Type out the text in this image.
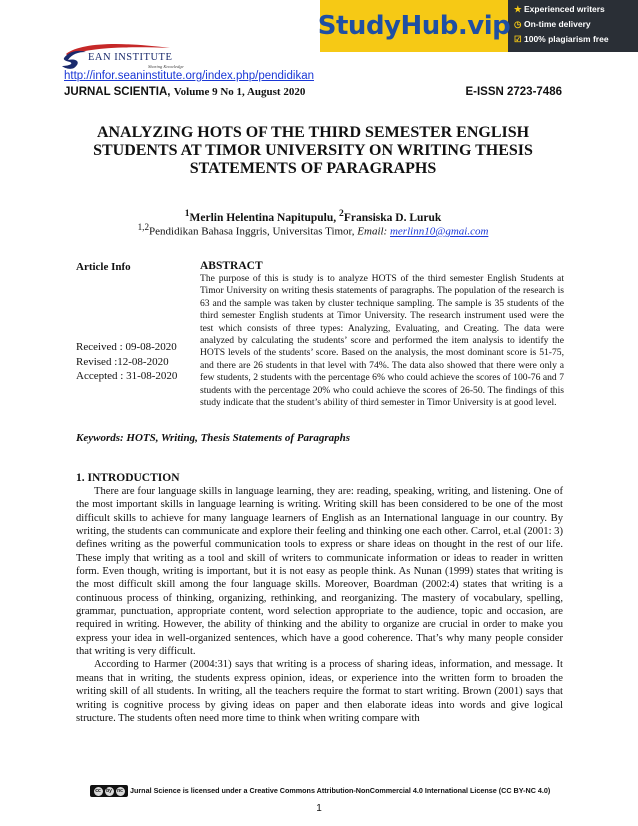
StudyHub.vip
★ Experienced writers
◷ On-time delivery
☑ 100% plagiarism free
EAN INSTITUTE
Sharing Knowledge
http://infor.seaninstitute.org/index.php/pendidikan
JURNAL SCIENTIA, Volume 9 No 1, August 2020	E-ISSN 2723-7486
ANALYZING HOTS OF THE THIRD SEMESTER ENGLISH
STUDENTS AT TIMOR UNIVERSITY ON WRITING THESIS
STATEMENTS OF PARAGRAPHS
$^1$Merlin Helentina Napitupulu, $^2$Fransiska D. Luruk
$^{1,2}$Pendidikan Bahasa Inggris, Universitas Timor, Email: merlinn10@gmai.com
Article Info
Received : 09-08-2020
Revised :12-08-2020
Accepted : 31-08-2020
ABSTRACT
The purpose of this is study is to analyze HOTS of the third semester English Students at Timor University on writing thesis statements of paragraphs. The population of the research is 63 and the sample was taken by cluster technique sampling. The sample is 35 students of the third semester English students at Timor University. The research instrument used were the test which consists of three types: Analyzing, Evaluating, and Creating. The data were analyzed by calculating the students’ score and performed the item analysis to identify the HOTS levels of the students’ score. Based on the analysis, the most dominant score is 51-75, and there are 26 students in that level with 74%. The data also showed that there were only a few students, 2 students with the percentage 6% who could achieve the scores of 100-76 and 7 students with the percentage 20% who could achieve the scores of 26-50. The findings of this study indicate that the student’s ability of third semester in Timor University is at good level.
Keywords: HOTS, Writing, Thesis Statements of Paragraphs
1. INTRODUCTION

There are four language skills in language learning, they are: reading, speaking, writing, and listening. One of the most important skills in language learning is writing. Writing skill has been considered to be one of the most difficult skills to achieve for many language learners of English as an International language in our country. By writing, the students can communicate and explore their feeling and thinking one each other. Carrol, et.al (2001: 3) defines writing as the powerful communication tools to express or share ideas on thought in the rest of our life. These imply that writing as a tool and skill of writers to communicate information or ideas to reader in written form. Even though, writing is important, but it is not easy as people think. As Nunan (1999) states that writing is the most difficult skill among the four language skills. Moreover, Boardman (2002:4) states that writing is a continuous process of thinking, organizing, rethinking, and reorganizing. The mastery of vocabulary, spelling, grammar, punctuation, appropriate content, word selection appropriate to the audience, topic and occasion, are required in writing. However, the ability of thinking and the ability to organize are crucial in order to make you express your idea in well-organized sentences, which have a good coherence. That’s why many people consider that writing is very difficult.

According to Harmer (2004:31) says that writing is a process of sharing ideas, information, and message. It means that in writing, the students express opinion, ideas, or experience into the written form to broaden the writing skill of all students. In writing, all the teachers require the format to start writing. Brown (2001) says that writing is cognitive process by giving ideas on paper and then elaborate ideas into words and give logical structure. The students often need more time to think when writing compare with

cc	by	nc Jurnal Science is licensed under a Creative Commons Attribution-NonCommercial 4.0 International License (CC BY-NC 4.0)
1
